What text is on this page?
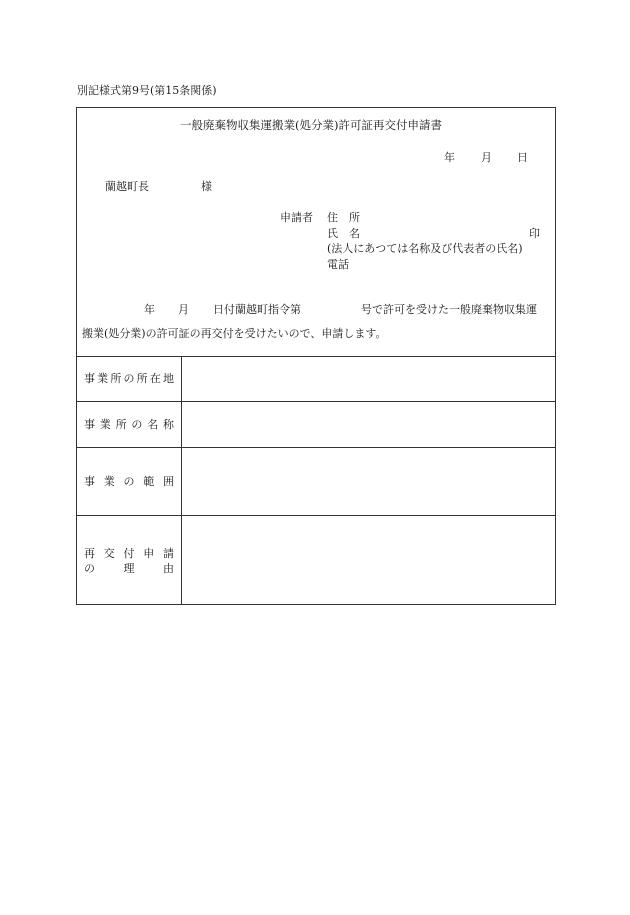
別記様式第9号(第15条関係)
一般廃棄物収集運搬業(処分業)許可証再交付申請書
年 月 日
蘭越町長	様
申請者 住　所
氏　名	印
(法人にあつては名称及び代表者の氏名)
電話
年 月 日付蘭越町指令第	号で許可を受けた一般廃棄物収集運
搬業(処分業)の許可証の再交付を受けたいので、申請します。
事業所の所在地
事業所の名称
事業の範囲
再交付申請
の理由
